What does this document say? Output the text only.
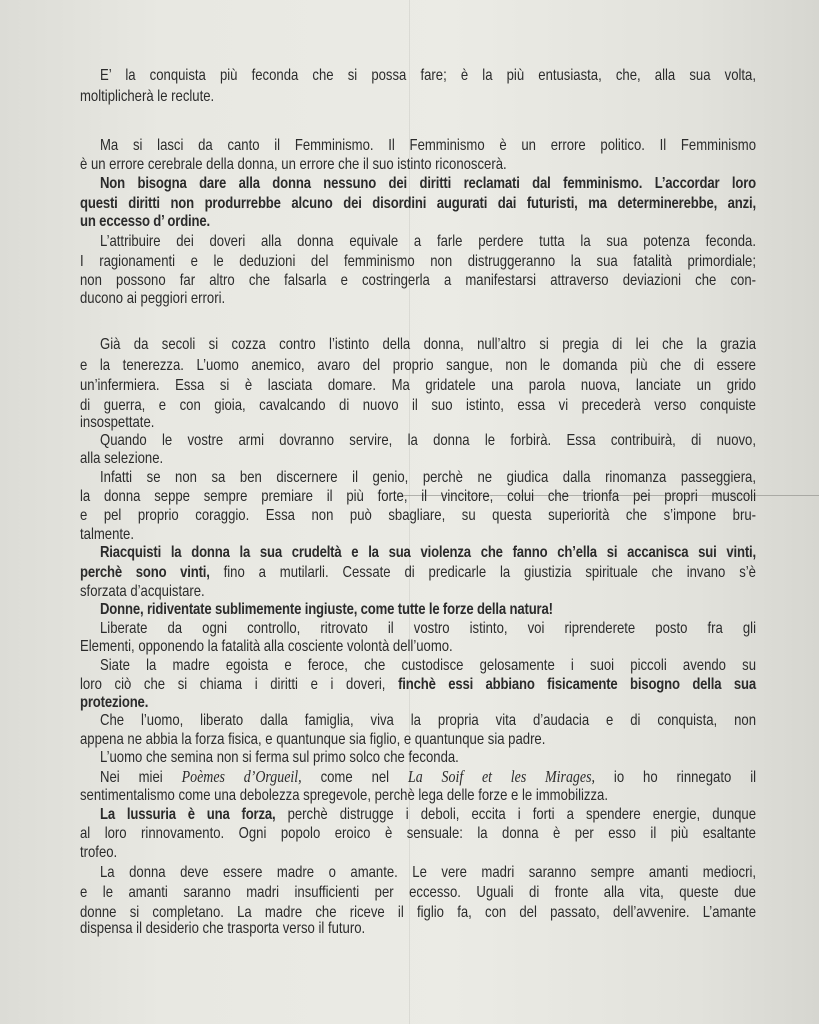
E’ la conquista più feconda che si possa fare; è la più entusiasta, che, alla sua volta,
moltiplicherà le reclute.
Ma si lasci da canto il Femminismo. Il Femminismo è un errore politico. Il Femminismo
è un errore cerebrale della donna, un errore che il suo istinto riconoscerà.
Non bisogna dare alla donna nessuno dei diritti reclamati dal femminismo. L’accordar loro
questi diritti non produrrebbe alcuno dei disordini augurati dai futuristi, ma determinerebbe, anzi,
un eccesso d’ ordine.
L’attribuire dei doveri alla donna equivale a farle perdere tutta la sua potenza feconda.
I ragionamenti e le deduzioni del femminismo non distruggeranno la sua fatalità primordiale;
non possono far altro che falsarla e costringerla a manifestarsi attraverso deviazioni che con-
ducono ai peggiori errori.
Già da secoli si cozza contro l’istinto della donna, null’altro si pregia di lei che la grazia
e la tenerezza. L’uomo anemico, avaro del proprio sangue, non le domanda più che di essere
un’infermiera. Essa si è lasciata domare. Ma gridatele una parola nuova, lanciate un grido
di guerra, e con gioia, cavalcando di nuovo il suo istinto, essa vi precederà verso conquiste
insospettate.
Quando le vostre armi dovranno servire, la donna le forbirà. Essa contribuirà, di nuovo,
alla selezione.
Infatti se non sa ben discernere il genio, perchè ne giudica dalla rinomanza passeggiera,
la donna seppe sempre premiare il più forte, il vincitore, colui che trionfa pei propri muscoli
e pel proprio coraggio. Essa non può sbagliare, su questa superiorità che s’impone bru-
talmente.
Riacquisti la donna la sua crudeltà e la sua violenza che fanno ch’ella si accanisca sui vinti,
perchè sono vinti, fino a mutilarli. Cessate di predicarle la giustizia spirituale che invano s’è
sforzata d’acquistare.
Donne, ridiventate sublimemente ingiuste, come tutte le forze della natura!
Liberate da ogni controllo, ritrovato il vostro istinto, voi riprenderete posto fra gli
Elementi, opponendo la fatalità alla cosciente volontà dell’uomo.
Siate la madre egoista e feroce, che custodisce gelosamente i suoi piccoli avendo su
loro ciò che si chiama i diritti e i doveri, finchè essi abbiano fisicamente bisogno della sua
protezione.
Che l’uomo, liberato dalla famiglia, viva la propria vita d’audacia e di conquista, non
appena ne abbia la forza fisica, e quantunque sia figlio, e quantunque sia padre.
L’uomo che semina non si ferma sul primo solco che feconda.
Nei miei Poèmes d’Orgueil, come nel La Soif et les Mirages, io ho rinnegato il
sentimentalismo come una debolezza spregevole, perchè lega delle forze e le immobilizza.
La lussuria è una forza, perchè distrugge i deboli, eccita i forti a spendere energie, dunque
al loro rinnovamento. Ogni popolo eroico è sensuale: la donna è per esso il più esaltante
trofeo.
La donna deve essere madre o amante. Le vere madri saranno sempre amanti mediocri,
e le amanti saranno madri insufficienti per eccesso. Uguali di fronte alla vita, queste due
donne si completano. La madre che riceve il figlio fa, con del passato, dell’avvenire. L’amante
dispensa il desiderio che trasporta verso il futuro.
